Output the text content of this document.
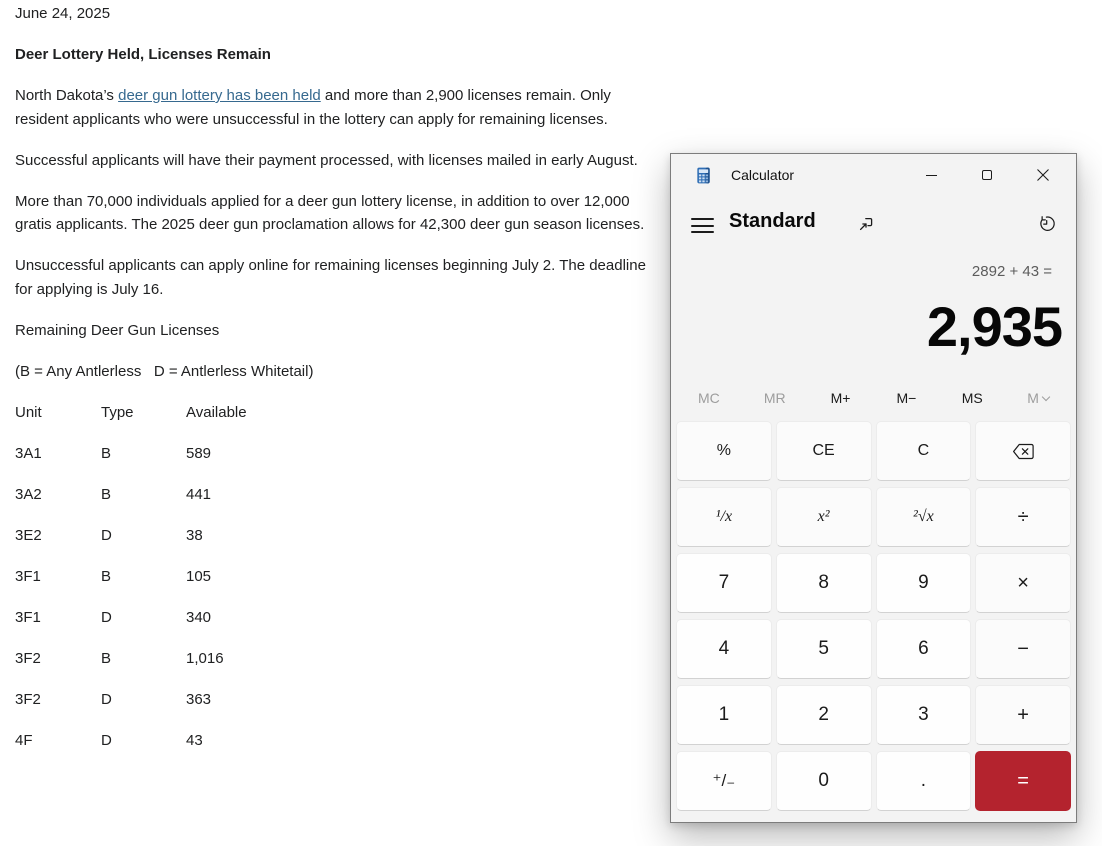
June 24, 2025

Deer Lottery Held, Licenses Remain

North Dakota’s deer gun lottery has been held and more than 2,900 licenses remain. Only resident applicants who were unsuccessful in the lottery can apply for remaining licenses.

Successful applicants will have their payment processed, with licenses mailed in early August.

More than 70,000 individuals applied for a deer gun lottery license, in addition to over 12,000 gratis applicants. The 2025 deer gun proclamation allows for 42,300 deer gun season licenses.

Unsuccessful applicants can apply online for remaining licenses beginning July 2. The deadline for applying is July 16.

Remaining Deer Gun Licenses

(B = Any Antlerless   D = Antlerless Whitetail)

Unit	Type	Available

3A1	B	589

3A2	B	441

3E2	D	38

3F1	B	105

3F1	D	340

3F2	B	1,016

3F2	D	363

4F	D	43

Calculator
Standard
2892 + 43 =
2,935
MC	MR	M+	M−	MS	M
%	CE	C
¹/x	x²	²√x	÷
7	8	9	×
4	5	6	−
1	2	3	+
⁺/₋	0	.	=
